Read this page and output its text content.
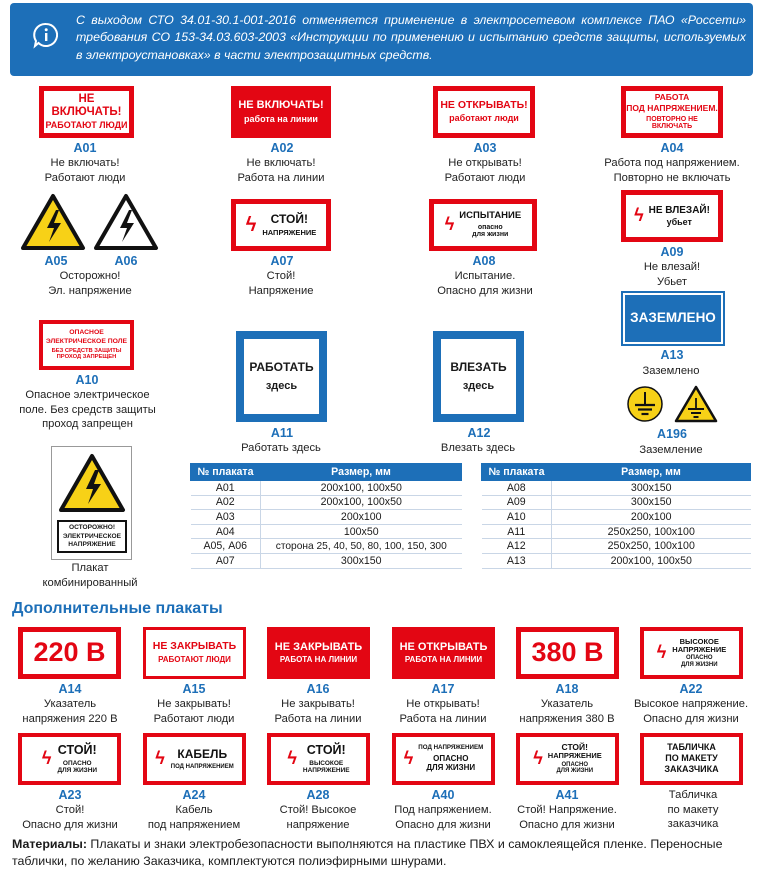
С выходом СТО 34.01-30.1-001-2016 отменяется применение в электросетевом комплексе ПАО «Россети» требования СО 153-34.03.603-2003 «Инструкции по применению и испытанию средств защиты, используемых в электроустановках» в части электрозащитных средств.
НЕ ВКЛЮЧАТЬ!
РАБОТАЮТ ЛЮДИ
А01
Не включать!
Работают люди
НЕ ВКЛЮЧАТЬ!
работа на линии
А02
Не включать!
Работа на линии
НЕ ОТКРЫВАТЬ!
работают люди
А03
Не открывать!
Работают люди
РАБОТА
ПОД НАПРЯЖЕНИЕМ.
ПОВТОРНО НЕ ВКЛЮЧАТЬ
А04
Работа под напряжением.
Повторно не включать
А05	А06
Осторожно!
Эл. напряжение
ϟ СТОЙ!
НАПРЯЖЕНИЕ
А07
Стой!
Напряжение
ϟ ИСПЫТАНИЕ
опасно
для жизни
А08
Испытание.
Опасно для жизни
ϟ НЕ ВЛЕЗАЙ!
убьет
А09
Не влезай!
Убьет
ОПАСНОЕ
ЭЛЕКТРИЧЕСКОЕ ПОЛЕ
БЕЗ СРЕДСТВ ЗАЩИТЫ
ПРОХОД ЗАПРЕЩЕН
А10
Опасное электрическое
поле. Без средств защиты
проход запрещен
РАБОТАТЬ
здесь
А11
Работать здесь
ВЛЕЗАТЬ
здесь
А12
Влезать здесь
ЗАЗЕМЛЕНО
А13
Заземлено
А196
Заземление
ОСТОРОЖНО!
ЭЛЕКТРИЧЕСКОЕ
НАПРЯЖЕНИЕ
Плакат
комбинированный
№ плаката	Размер, мм
А01	200х100, 100х50
А02	200х100, 100х50
А03	200х100
А04	100х50
А05, А06	сторона 25, 40, 50, 80, 100, 150, 300
А07	300х150
№ плаката	Размер, мм
А08	300х150
А09	300х150
А10	200х100
А11	250х250, 100х100
А12	250х250, 100х100
А13	200х100, 100х50
Дополнительные плакаты
220 В
А14
Указатель
напряжения 220 В
НЕ ЗАКРЫВАТЬ
РАБОТАЮТ ЛЮДИ
А15
Не закрывать!
Работают люди
НЕ ЗАКРЫВАТЬ
РАБОТА НА ЛИНИИ
А16
Не закрывать!
Работа на линии
НЕ ОТКРЫВАТЬ
РАБОТА НА ЛИНИИ
А17
Не открывать!
Работа на линии
380 В
А18
Указатель
напряжения 380 В
ϟ
ВЫСОКОЕ
НАПРЯЖЕНИЕ
ОПАСНО
ДЛЯ ЖИЗНИ
А22
Высокое напряжение.
Опасно для жизни
ϟ СТОЙ!
ОПАСНО
ДЛЯ ЖИЗНИ
А23
Стой!
Опасно для жизни
ϟ КАБЕЛЬ
ПОД НАПРЯЖЕНИЕМ
А24
Кабель
под напряжением
ϟ СТОЙ!
ВЫСОКОЕ
НАПРЯЖЕНИЕ
А28
Стой! Высокое
напряжение
ϟ
ПОД НАПРЯЖЕНИЕМ
ОПАСНО
ДЛЯ ЖИЗНИ
А40
Под напряжением.
Опасно для жизни
ϟ
СТОЙ!
НАПРЯЖЕНИЕ
ОПАСНО
ДЛЯ ЖИЗНИ
А41
Стой! Напряжение.
Опасно для жизни
ТАБЛИЧКА
ПО МАКЕТУ
ЗАКАЗЧИКА
Табличка
по макету
заказчика
Материалы: Плакаты и знаки электробезопасности выполняются на пластике ПВХ и самоклеящейся пленке. Переносные таблички, по желанию Заказчика, комплектуются полиэфирными шнурами.
